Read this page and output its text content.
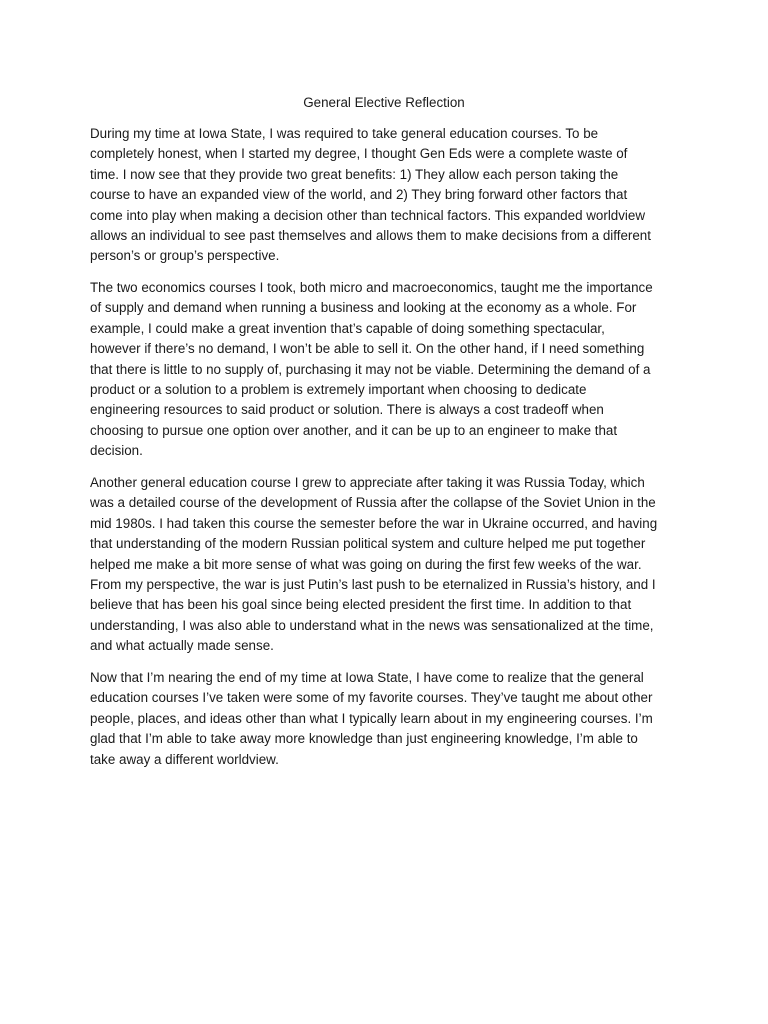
General Elective Reflection

During my time at Iowa State, I was required to take general education courses. To be
completely honest, when I started my degree, I thought Gen Eds were a complete waste of
time. I now see that they provide two great benefits: 1) They allow each person taking the
course to have an expanded view of the world, and 2) They bring forward other factors that
come into play when making a decision other than technical factors. This expanded worldview
allows an individual to see past themselves and allows them to make decisions from a different
person’s or group’s perspective.

The two economics courses I took, both micro and macroeconomics, taught me the importance
of supply and demand when running a business and looking at the economy as a whole. For
example, I could make a great invention that’s capable of doing something spectacular,
however if there’s no demand, I won’t be able to sell it. On the other hand, if I need something
that there is little to no supply of, purchasing it may not be viable. Determining the demand of a
product or a solution to a problem is extremely important when choosing to dedicate
engineering resources to said product or solution. There is always a cost tradeoff when
choosing to pursue one option over another, and it can be up to an engineer to make that
decision.

Another general education course I grew to appreciate after taking it was Russia Today, which
was a detailed course of the development of Russia after the collapse of the Soviet Union in the
mid 1980s. I had taken this course the semester before the war in Ukraine occurred, and having
that understanding of the modern Russian political system and culture helped me put together
helped me make a bit more sense of what was going on during the first few weeks of the war.
From my perspective, the war is just Putin’s last push to be eternalized in Russia’s history, and I
believe that has been his goal since being elected president the first time. In addition to that
understanding, I was also able to understand what in the news was sensationalized at the time,
and what actually made sense.

Now that I’m nearing the end of my time at Iowa State, I have come to realize that the general
education courses I’ve taken were some of my favorite courses. They’ve taught me about other
people, places, and ideas other than what I typically learn about in my engineering courses. I’m
glad that I’m able to take away more knowledge than just engineering knowledge, I’m able to
take away a different worldview.
